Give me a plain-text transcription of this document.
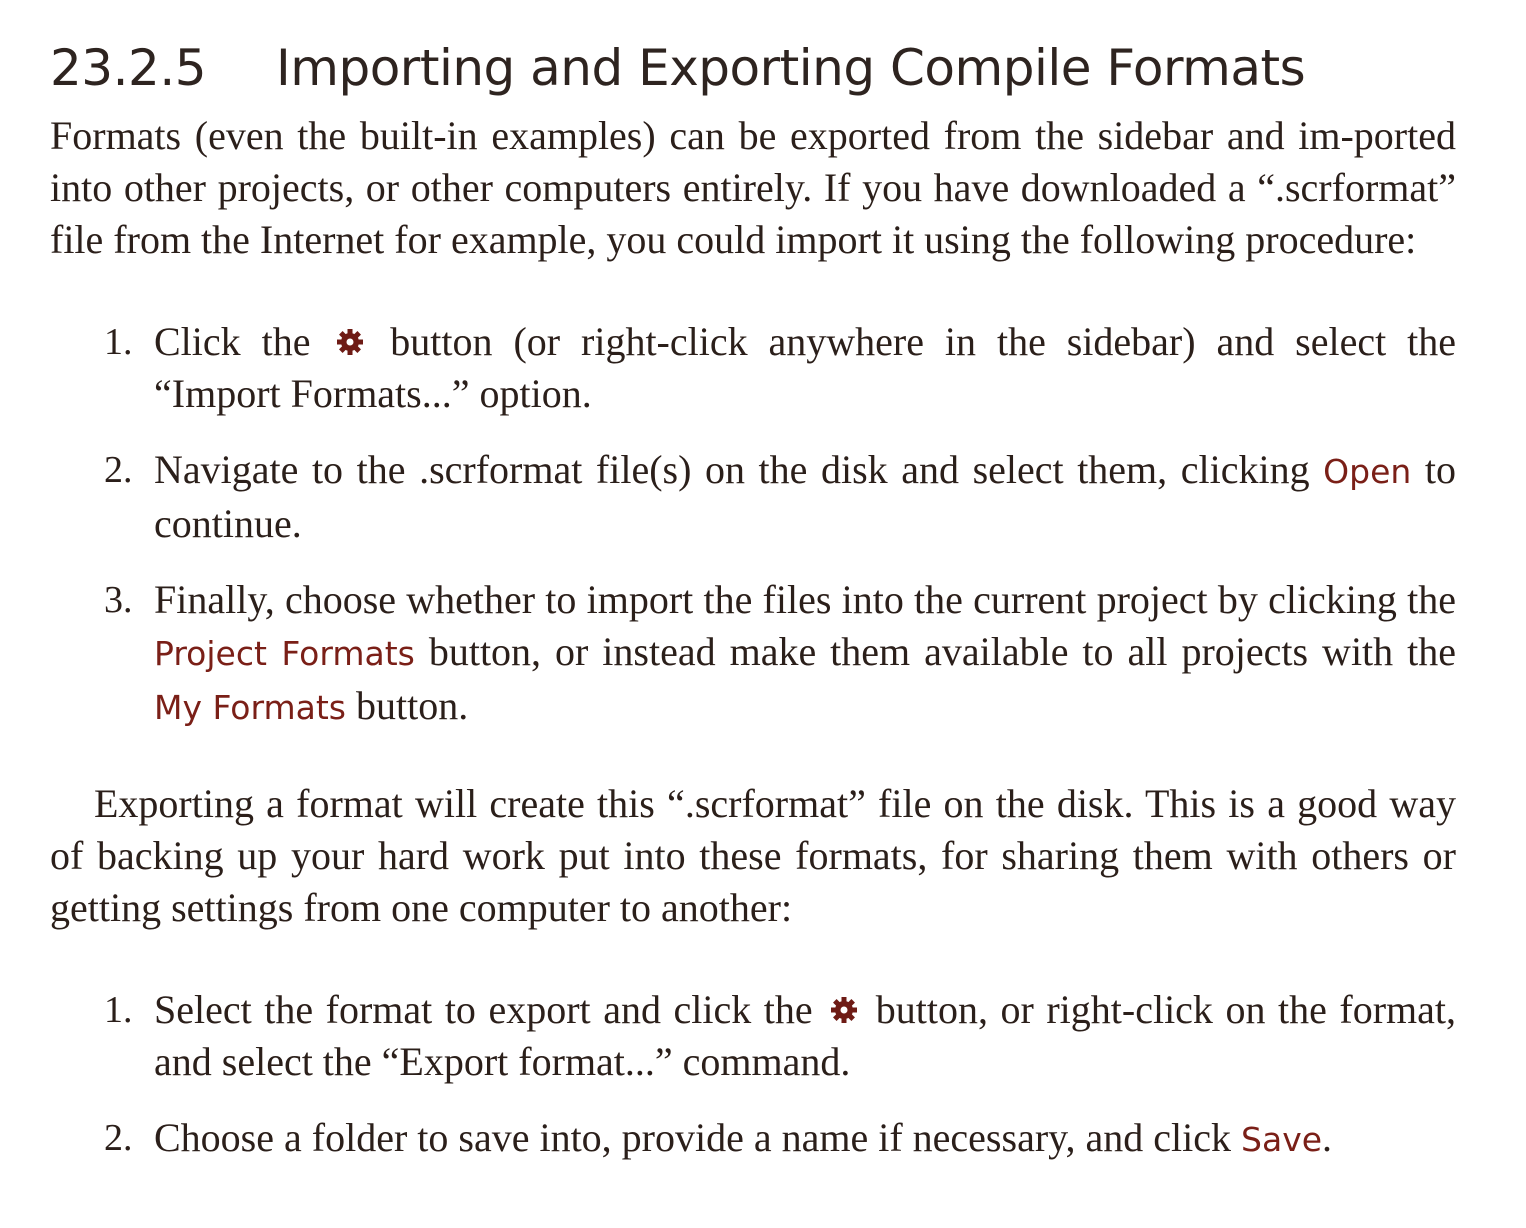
23.2.5 Importing and Exporting Compile Formats

Formats (even the built-in examples) can be exported from the sidebar and im-ported into other projects, or other computers entirely. If you have downloaded a “.scrformat” file from the Internet for example, you could import it using the following procedure:

1. Click the button (or right-click anywhere in the sidebar) and select the “Import Formats...” option.
2. Navigate to the .scrformat file(s) on the disk and select them, clicking Open to continue.
3. Finally, choose whether to import the files into the current project by clicking the Project Formats button, or instead make them available to all projects with the My Formats button.

Exporting a format will create this “.scrformat” file on the disk. This is a good way of backing up your hard work put into these formats, for sharing them with others or getting settings from one computer to another:

1. Select the format to export and click the button, or right-click on the format, and select the “Export format...” command.
2. Choose a folder to save into, provide a name if necessary, and click Save.
